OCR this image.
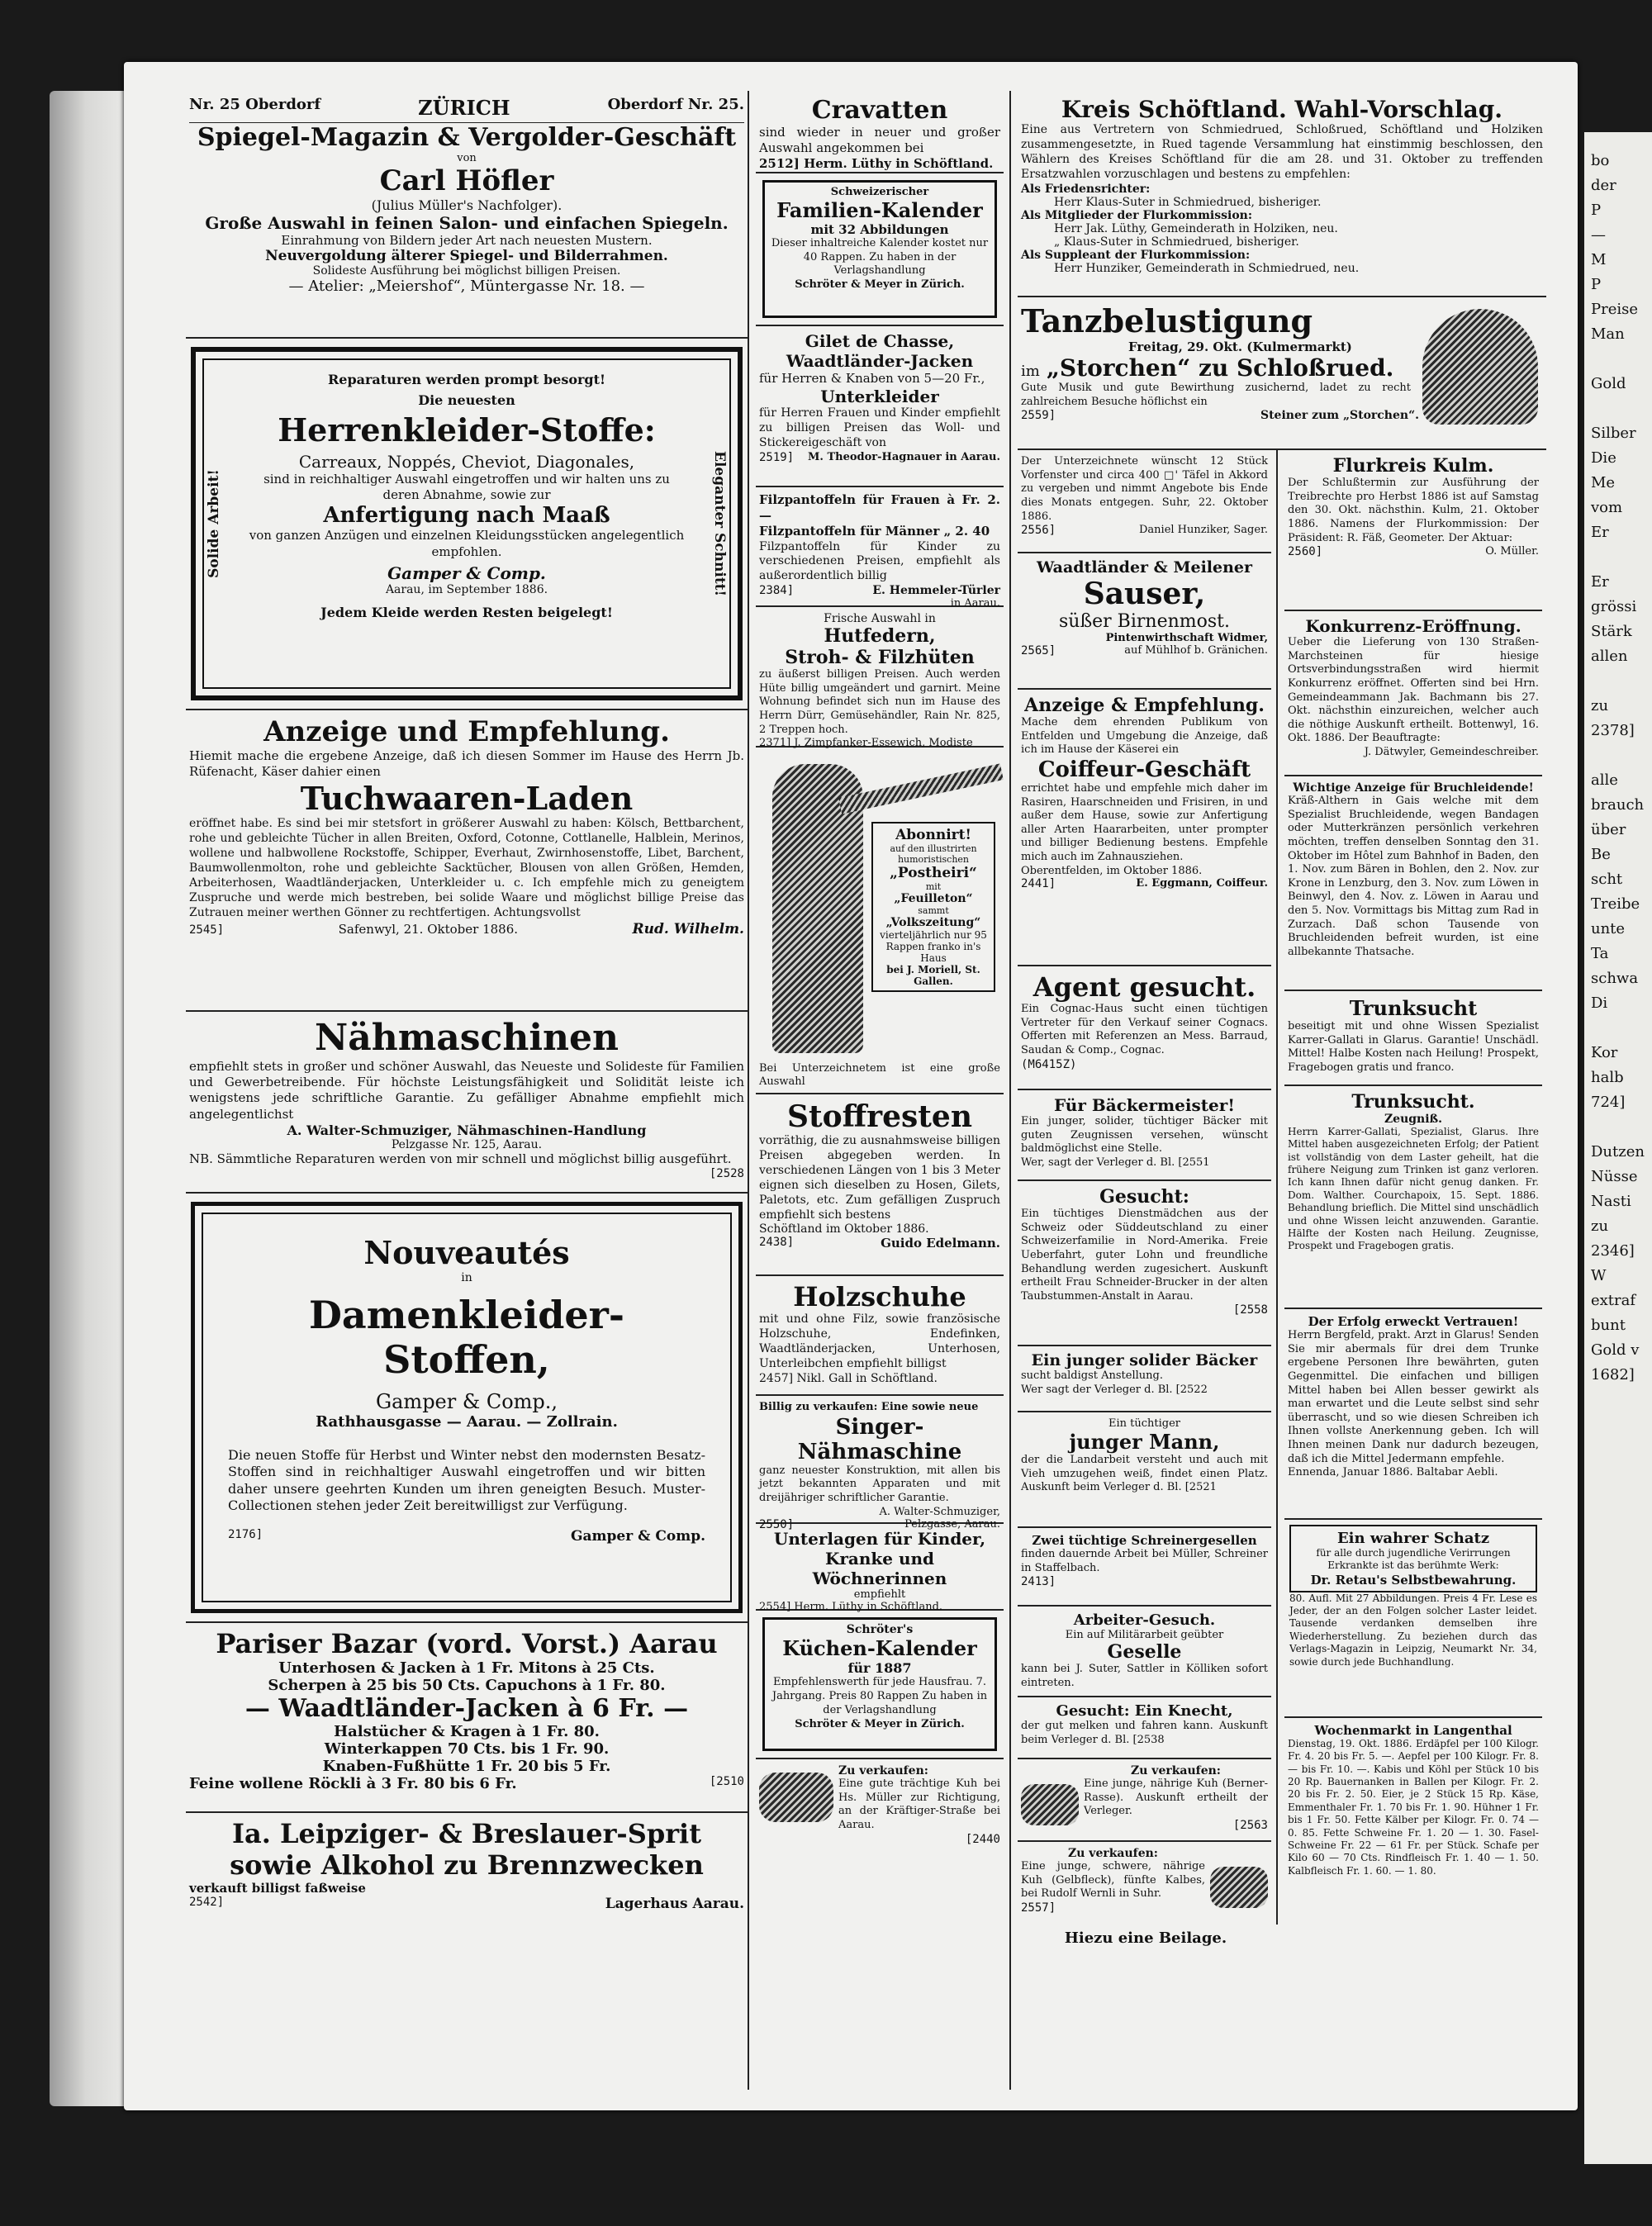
Nr. 25 Oberdorf	ZÜRICH	Oberdorf Nr. 25.
Spiegel-Magazin & Vergolder-Geschäft
von
Carl Höfler
(Julius Müller's Nachfolger).
Große Auswahl in feinen Salon- und einfachen Spiegeln.
Einrahmung von Bildern jeder Art nach neuesten Mustern.
Neuvergoldung älterer Spiegel- und Bilderrahmen.
Solideste Ausführung bei möglichst billigen Preisen.
— Atelier: „Meiershof“, Müntergasse Nr. 18. —
Reparaturen werden prompt besorgt!
Die neuesten
Herrenkleider-Stoffe:
Carreaux, Noppés, Cheviot, Diagonales,
sind in reichhaltiger Auswahl eingetroffen und wir halten uns zu deren Abnahme, sowie zur
Anfertigung nach Maaß
von ganzen Anzügen und einzelnen Kleidungsstücken angelegentlich empfohlen.
Gamper & Comp.
Aarau, im September 1886.
Jedem Kleide werden Resten beigelegt!
Solide Arbeit!	Eleganter Schnitt!
Anzeige und Empfehlung.
Hiemit mache die ergebene Anzeige, daß ich diesen Sommer im Hause des Herrn Jb. Rüfenacht, Käser dahier einen
Tuchwaaren-Laden
eröffnet habe. Es sind bei mir stetsfort in größerer Auswahl zu haben: Kölsch, Bettbarchent, rohe und gebleichte Tücher in allen Breiten, Oxford, Cotonne, Cottlanelle, Halblein, Merinos, wollene und halbwollene Rockstoffe, Schipper, Everhaut, Zwirnhosenstoffe, Libet, Barchent, Baumwollenmolton, rohe und gebleichte Sacktücher, Blousen von allen Größen, Hemden, Arbeiterhosen, Waadtländerjacken, Unterkleider u. c. Ich empfehle mich zu geneigtem Zuspruche und werde mich bestreben, bei solide Waare und möglichst billige Preise das Zutrauen meiner werthen Gönner zu rechtfertigen. Achtungsvollst
2545]	Safenwyl, 21. Oktober 1886.	Rud. Wilhelm.
Nähmaschinen
empfiehlt stets in großer und schöner Auswahl, das Neueste und Solideste für Familien und Gewerbetreibende. Für höchste Leistungsfähigkeit und Solidität leiste ich wenigstens jede schriftliche Garantie. Zu gefälliger Abnahme empfiehlt mich angelegentlichst
A. Walter-Schmuziger, Nähmaschinen-Handlung
Pelzgasse Nr. 125, Aarau.
NB. Sämmtliche Reparaturen werden von mir schnell und möglichst billig ausgeführt.
[2528
Nouveautés
in
Damenkleider-Stoffen,
Gamper & Comp.,
Rathhausgasse — Aarau. — Zollrain.
Die neuen Stoffe für Herbst und Winter nebst den modernsten Besatz-Stoffen sind in reichhaltiger Auswahl eingetroffen und wir bitten daher unsere geehrten Kunden um ihren geneigten Besuch. Muster-Collectionen stehen jeder Zeit bereitwilligst zur Verfügung.
2176]	Gamper & Comp.
Pariser Bazar (vord. Vorst.) Aarau
Unterhosen & Jacken à 1 Fr. Mitons à 25 Cts.
Scherpen à 25 bis 50 Cts. Capuchons à 1 Fr. 80.
— Waadtländer-Jacken à 6 Fr. —
Halstücher & Kragen à 1 Fr. 80.
Winterkappen 70 Cts. bis 1 Fr. 90.
Knaben-Fußhütte 1 Fr. 20 bis 5 Fr.
Feine wollene Röckli à 3 Fr. 80 bis 6 Fr.	[2510
Ia. Leipziger- & Breslauer-Sprit
sowie Alkohol zu Brennzwecken
verkauft billigst faßweise
2542]	Lagerhaus Aarau.
Cravatten
sind wieder in neuer und großer Auswahl angekommen bei
2512] Herm. Lüthy in Schöftland.
Schweizerischer
Familien-Kalender
mit 32 Abbildungen
Dieser inhaltreiche Kalender kostet nur 40 Rappen. Zu haben in der Verlagshandlung
Schröter & Meyer in Zürich.
Gilet de Chasse,
Waadtländer-Jacken
für Herren & Knaben von 5—20 Fr.,
Unterkleider
für Herren Frauen und Kinder empfiehlt zu billigen Preisen das Woll- und Stickereigeschäft von
2519] M. Theodor-Hagnauer in Aarau.
Filzpantoffeln für Frauen à Fr. 2. —
Filzpantoffeln für Männer „ 2. 40
Filzpantoffeln für Kinder zu verschiedenen Preisen, empfiehlt als außerordentlich billig
2384]	E. Hemmeler-Türler
in Aarau.
Frische Auswahl in
Hutfedern,
Stroh- & Filzhüten
zu äußerst billigen Preisen. Auch werden Hüte billig umgeändert und garnirt. Meine Wohnung befindet sich nun im Hause des Herrn Dürr, Gemüsehändler, Rain Nr. 825, 2 Treppen hoch.
2371] J. Zimpfanker-Essewich, Modiste
Abonnirt!
auf den illustrirten humoristischen
„Postheiri“
mit
„Feuilleton“
sammt
„Volkszeitung“
vierteljährlich nur 95 Rappen franko in's Haus
bei J. Moriell, St. Gallen.
Bei Unterzeichnetem ist eine große Auswahl
Stoffresten
vorräthig, die zu ausnahmsweise billigen Preisen abgegeben werden. In verschiedenen Längen von 1 bis 3 Meter eignen sich dieselben zu Hosen, Gilets, Paletots, etc. Zum gefälligen Zuspruch empfiehlt sich bestens
Schöftland im Oktober 1886.
2438]	Guido Edelmann.
Holzschuhe
mit und ohne Filz, sowie französische Holzschuhe, Endefinken, Waadtländerjacken, Unterhosen, Unterleibchen empfiehlt billigst
2457] Nikl. Gall in Schöftland.
Billig zu verkaufen: Eine sowie neue
Singer-Nähmaschine
ganz neuester Konstruktion, mit allen bis jetzt bekannten Apparaten und mit dreijähriger schriftlicher Garantie.
A. Walter-Schmuziger,
2550]	Pelzgasse, Aarau.
Unterlagen für Kinder, Kranke und Wöchnerinnen
empfiehlt
2554] Herm. Lüthy in Schöftland.
Schröter's
Küchen-Kalender
für 1887
Empfehlenswerth für jede Hausfrau. 7. Jahrgang. Preis 80 Rappen Zu haben in der Verlagshandlung
Schröter & Meyer in Zürich.
Zu verkaufen:
Eine gute trächtige Kuh bei Hs. Müller zur Richtigung, an der Kräftiger-Straße bei Aarau.
[2440
Kreis Schöftland. Wahl-Vorschlag.
Eine aus Vertretern von Schmiedrued, Schloßrued, Schöftland und Holziken zusammengesetzte, in Rued tagende Versammlung hat einstimmig beschlossen, den Wählern des Kreises Schöftland für die am 28. und 31. Oktober zu treffenden Ersatzwahlen vorzuschlagen und bestens zu empfehlen:
Als Friedensrichter:
Herr Klaus-Suter in Schmiedrued, bisheriger.
Als Mitglieder der Flurkommission:
Herr Jak. Lüthy, Gemeinderath in Holziken, neu.
„ Klaus-Suter in Schmiedrued, bisheriger.
Als Suppleant der Flurkommission:
Herr Hunziker, Gemeinderath in Schmiedrued, neu.
Tanzbelustigung
Freitag, 29. Okt. (Kulmermarkt)
im „Storchen“ zu Schloßrued.
Gute Musik und gute Bewirthung zusichernd, ladet zu recht zahlreichem Besuche höflichst ein
2559]	Steiner zum „Storchen“.
Der Unterzeichnete wünscht 12 Stück Vorfenster und circa 400 □' Täfel in Akkord zu vergeben und nimmt Angebote bis Ende dies Monats entgegen. Suhr, 22. Oktober 1886.
2556]	Daniel Hunziker, Sager.
Waadtländer & Meilener
Sauser,
süßer Birnenmost.
Pintenwirthschaft Widmer,
2565]	auf Mühlhof b. Gränichen.
Anzeige & Empfehlung.
Mache dem ehrenden Publikum von Entfelden und Umgebung die Anzeige, daß ich im Hause der Käserei ein
Coiffeur-Geschäft
errichtet habe und empfehle mich daher im Rasiren, Haarschneiden und Frisiren, in und außer dem Hause, sowie zur Anfertigung aller Arten Haararbeiten, unter prompter und billiger Bedienung bestens. Empfehle mich auch im Zahnausziehen.
Oberentfelden, im Oktober 1886.
2441]	E. Eggmann, Coiffeur.
Agent gesucht.
Ein Cognac-Haus sucht einen tüchtigen Vertreter für den Verkauf seiner Cognacs. Offerten mit Referenzen an Mess. Barraud, Saudan & Comp., Cognac.
(M6415Z)
Für Bäckermeister!
Ein junger, solider, tüchtiger Bäcker mit guten Zeugnissen versehen, wünscht baldmöglichst eine Stelle.
Wer, sagt der Verleger d. Bl. [2551
Gesucht:
Ein tüchtiges Dienstmädchen aus der Schweiz oder Süddeutschland zu einer Schweizerfamilie in Nord-Amerika. Freie Ueberfahrt, guter Lohn und freundliche Behandlung werden zugesichert. Auskunft ertheilt Frau Schneider-Brucker in der alten Taubstummen-Anstalt in Aarau.
[2558
Ein junger solider Bäcker
sucht baldigst Anstellung.
Wer sagt der Verleger d. Bl. [2522
Ein tüchtiger
junger Mann,
der die Landarbeit versteht und auch mit Vieh umzugehen weiß, findet einen Platz. Auskunft beim Verleger d. Bl. [2521
Zwei tüchtige Schreinergesellen
finden dauernde Arbeit bei Müller, Schreiner in Staffelbach.
2413]
Arbeiter-Gesuch.
Ein auf Militärarbeit geübter
Geselle
kann bei J. Suter, Sattler in Kölliken sofort eintreten.
Gesucht: Ein Knecht,
der gut melken und fahren kann. Auskunft beim Verleger d. Bl. [2538
Zu verkaufen:
Eine junge, nährige Kuh (Berner-Rasse). Auskunft ertheilt der Verleger.
[2563
Zu verkaufen:
Eine junge, schwere, nährige Kuh (Gelbfleck), fünfte Kalbes, bei Rudolf Wernli in Suhr.
2557]
Flurkreis Kulm.
Der Schlußtermin zur Ausführung der Treibrechte pro Herbst 1886 ist auf Samstag den 30. Okt. nächsthin. Kulm, 21. Oktober 1886. Namens der Flurkommission: Der Präsident: R. Fäß, Geometer. Der Aktuar:
2560]	O. Müller.
Konkurrenz-Eröffnung.
Ueber die Lieferung von 130 Straßen-Marchsteinen für hiesige Ortsverbindungsstraßen wird hiermit Konkurrenz eröffnet. Offerten sind bei Hrn. Gemeindeammann Jak. Bachmann bis 27. Okt. nächsthin einzureichen, welcher auch die nöthige Auskunft ertheilt. Bottenwyl, 16. Okt. 1886. Der Beauftragte:
J. Dätwyler, Gemeindeschreiber.
Wichtige Anzeige für Bruchleidende!
Kräß-Althern in Gais welche mit dem Spezialist Bruchleidende, wegen Bandagen oder Mutterkränzen persönlich verkehren möchten, treffen denselben Sonntag den 31. Oktober im Hôtel zum Bahnhof in Baden, den 1. Nov. zum Bären in Bohlen, den 2. Nov. zur Krone in Lenzburg, den 3. Nov. zum Löwen in Beinwyl, den 4. Nov. z. Löwen in Aarau und den 5. Nov. Vormittags bis Mittag zum Rad in Zurzach. Daß schon Tausende von Bruchleidenden befreit wurden, ist eine allbekannte Thatsache.
Trunksucht
beseitigt mit und ohne Wissen Spezialist Karrer-Gallati in Glarus. Garantie! Unschädl. Mittel! Halbe Kosten nach Heilung! Prospekt, Fragebogen gratis und franco.
Trunksucht.
Zeugniß.
Herrn Karrer-Gallati, Spezialist, Glarus. Ihre Mittel haben ausgezeichneten Erfolg; der Patient ist vollständig von dem Laster geheilt, hat die frühere Neigung zum Trinken ist ganz verloren. Ich kann Ihnen dafür nicht genug danken. Fr. Dom. Walther. Courchapoix, 15. Sept. 1886. Behandlung brieflich. Die Mittel sind unschädlich und ohne Wissen leicht anzuwenden. Garantie. Hälfte der Kosten nach Heilung. Zeugnisse, Prospekt und Fragebogen gratis.
Der Erfolg erweckt Vertrauen!
Herrn Bergfeld, prakt. Arzt in Glarus! Senden Sie mir abermals für drei dem Trunke ergebene Personen Ihre bewährten, guten Gegenmittel. Die einfachen und billigen Mittel haben bei Allen besser gewirkt als man erwartet und die Leute selbst sind sehr überrascht, und so wie diesen Schreiben ich Ihnen vollste Anerkennung geben. Ich will Ihnen meinen Dank nur dadurch bezeugen, daß ich die Mittel Jedermann empfehle.
Ennenda, Januar 1886. Baltabar Aebli.
Ein wahrer Schatz
für alle durch jugendliche Verirrungen Erkrankte ist das berühmte Werk:
Dr. Retau's Selbstbewahrung.
80. Aufl. Mit 27 Abbildungen. Preis 4 Fr. Lese es Jeder, der an den Folgen solcher Laster leidet. Tausende verdanken demselben ihre Wiederherstellung. Zu beziehen durch das Verlags-Magazin in Leipzig, Neumarkt Nr. 34, sowie durch jede Buchhandlung.
Wochenmarkt in Langenthal
Dienstag, 19. Okt. 1886. Erdäpfel per 100 Kilogr. Fr. 4. 20 bis Fr. 5. —. Aepfel per 100 Kilogr. Fr. 8. — bis Fr. 10. —. Kabis und Köhl per Stück 10 bis 20 Rp. Bauernanken in Ballen per Kilogr. Fr. 2. 20 bis Fr. 2. 50. Eier, je 2 Stück 15 Rp. Käse, Emmenthaler Fr. 1. 70 bis Fr. 1. 90. Hühner 1 Fr. bis 1 Fr. 50. Fette Kälber per Kilogr. Fr. 0. 74 — 0. 85. Fette Schweine Fr. 1. 20 — 1. 30. Fasel-Schweine Fr. 22 — 61 Fr. per Stück. Schafe per Kilo 60 — 70 Cts. Rindfleisch Fr. 1. 40 — 1. 50. Kalbfleisch Fr. 1. 60. — 1. 80.
Hiezu eine Beilage.
bo
der
P
—
M
P
Preise
Man

Gold

Silber
Die
Me
vom
Er

Er
grössi
Stärk
allen

zu
2378]

alle
brauch
über
Be
scht
Treibe
unte
Ta
schwa
Di

Kor
halb
724]

Dutzen
Nüsse
Nasti
zu
2346]
W
extraf
bunt
Gold v
1682]
